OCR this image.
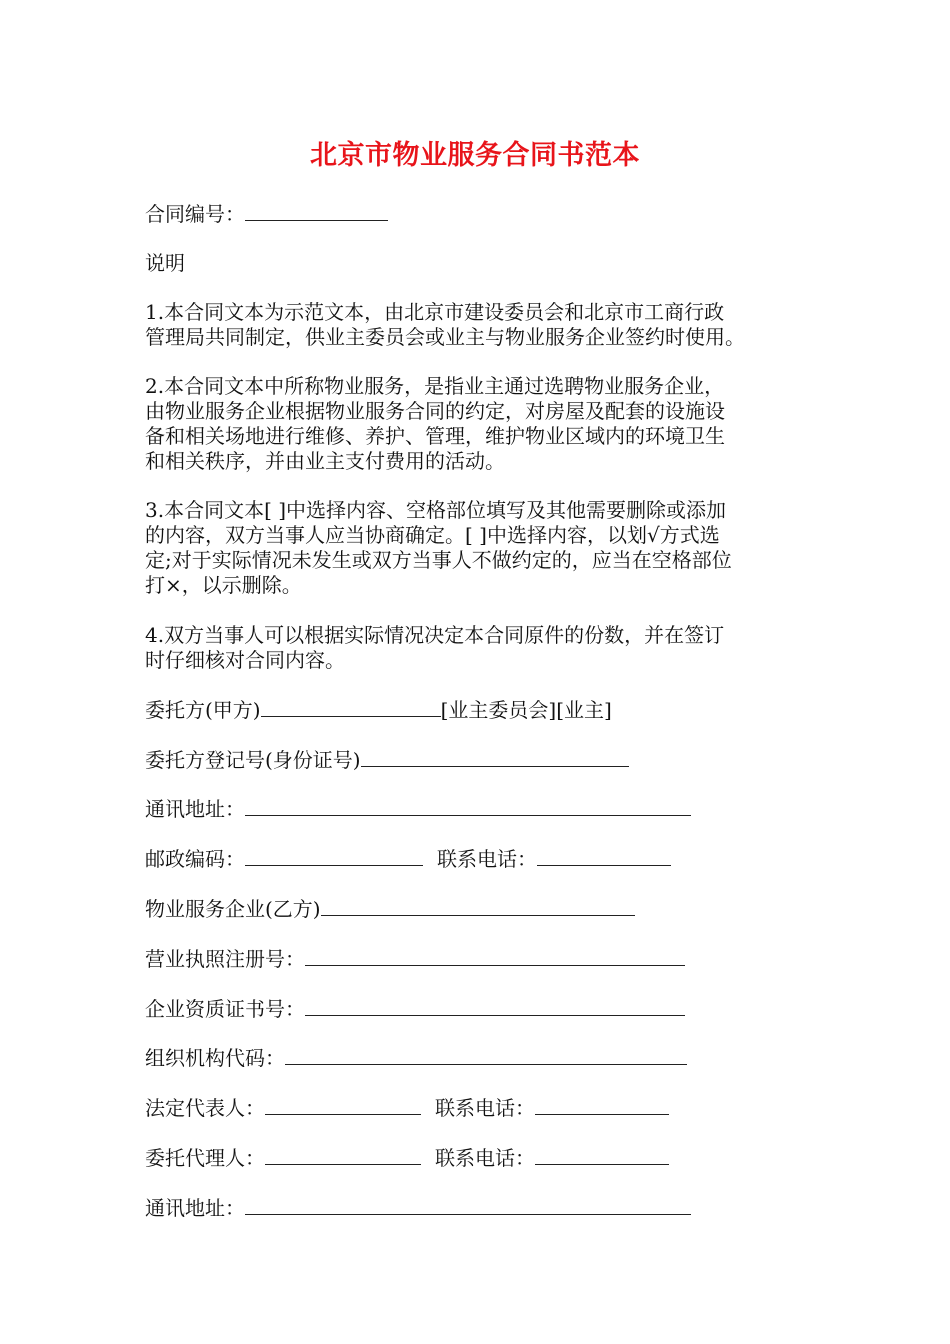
北京市物业服务合同书范本
合同编号：
说明

1.本合同文本为示范文本，由北京市建设委员会和北京市工商行政

管理局共同制定，供业主委员会或业主与物业服务企业签约时使用。

2.本合同文本中所称物业服务，是指业主通过选聘物业服务企业，

由物业服务企业根据物业服务合同的约定，对房屋及配套的设施设

备和相关场地进行维修、养护、管理，维护物业区域内的环境卫生

和相关秩序，并由业主支付费用的活动。

3.本合同文本[ ]中选择内容、空格部位填写及其他需要删除或添加

的内容，双方当事人应当协商确定。[ ]中选择内容，以划√方式选

定;对于实际情况未发生或双方当事人不做约定的，应当在空格部位

打×，以示删除。

4.双方当事人可以根据实际情况决定本合同原件的份数，并在签订

时仔细核对合同内容。

委托方(甲方)	[业主委员会][业主]
委托方登记号(身份证号)
通讯地址：
邮政编码：	联系电话：
物业服务企业(乙方)
营业执照注册号：
企业资质证书号：
组织机构代码：
法定代表人：	联系电话：
委托代理人：	联系电话：
通讯地址：
